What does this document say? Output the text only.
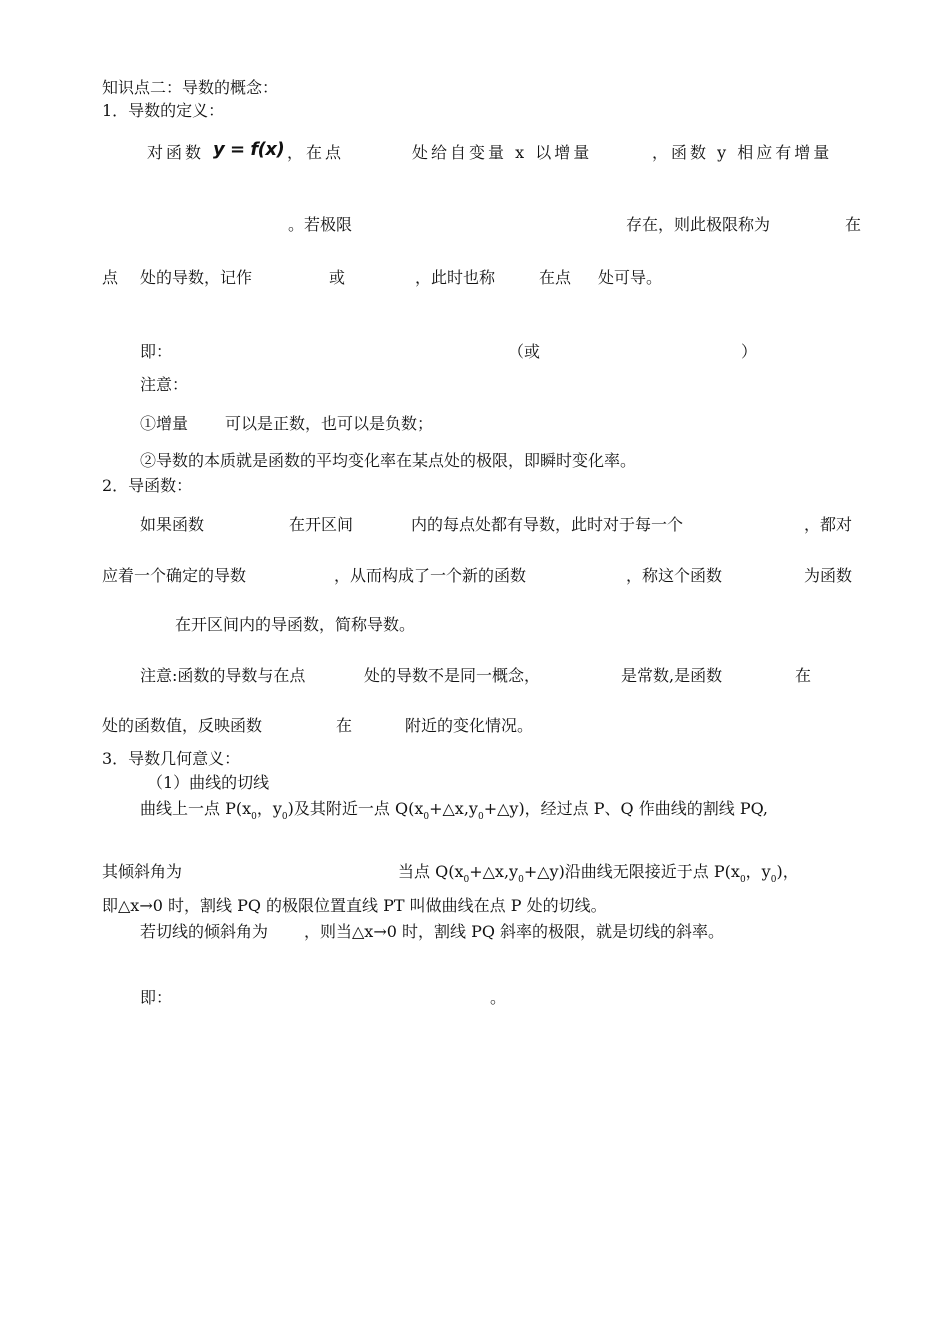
知识点二：导数的概念：
1．导数的定义：
对函数 y = f(x) ，在点	处给自变量 x 以增量	，函数 y 相应有增量
。若极限	存在，则此极限称为	在
点 处的导数，记作	或	，此时也称	在点 处可导。
即：	（或	）
注意：
①增量 可以是正数，也可以是负数；
②导数的本质就是函数的平均变化率在某点处的极限，即瞬时变化率。
2．导函数：
如果函数	在开区间	内的每点处都有导数，此时对于每一个	，都对
应着一个确定的导数	，从而构成了一个新的函数	，称这个函数	为函数
在开区间内的导函数，简称导数。
注意:函数的导数与在点	处的导数不是同一概念，	是常数,是函数	在
处的函数值，反映函数	在	附近的变化情况。
3．导数几何意义：
（1）曲线的切线
曲线上一点 $P(x_0$，$y_0$)及其附近一点 $Q(x_0+\triangle x,y_0+\triangle y)$，经过点 P、Q 作曲线的割线 PQ,
其倾斜角为	当点 $Q(x_0+\triangle x,y_0+\triangle y)$沿曲线无限接近于点 $P(x_0$，$y_0$)，
即△x→0 时，割线 PQ 的极限位置直线 PT 叫做曲线在点 P 处的切线。
若切线的倾斜角为 ，则当△x→0 时，割线 PQ 斜率的极限，就是切线的斜率。
即：	。
